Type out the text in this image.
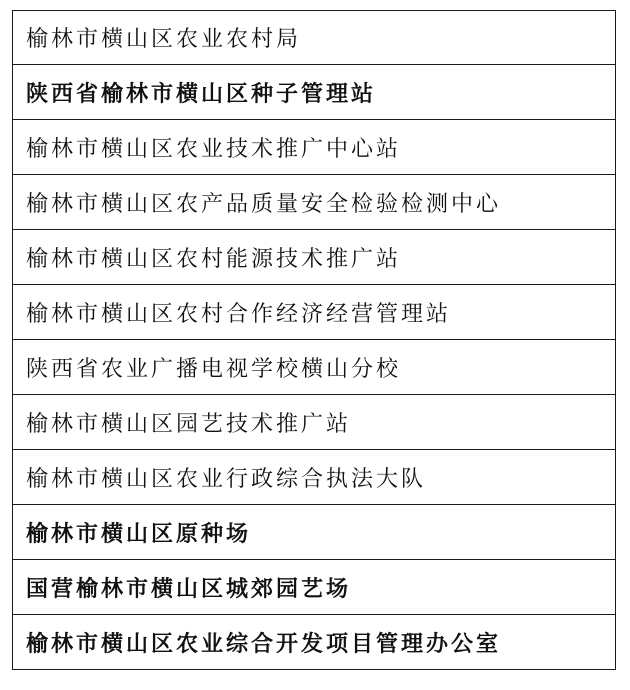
榆林市横山区农业农村局
陕西省榆林市横山区种子管理站
榆林市横山区农业技术推广中心站
榆林市横山区农产品质量安全检验检测中心
榆林市横山区农村能源技术推广站
榆林市横山区农村合作经济经营管理站
陕西省农业广播电视学校横山分校
榆林市横山区园艺技术推广站
榆林市横山区农业行政综合执法大队
榆林市横山区原种场
国营榆林市横山区城郊园艺场
榆林市横山区农业综合开发项目管理办公室
